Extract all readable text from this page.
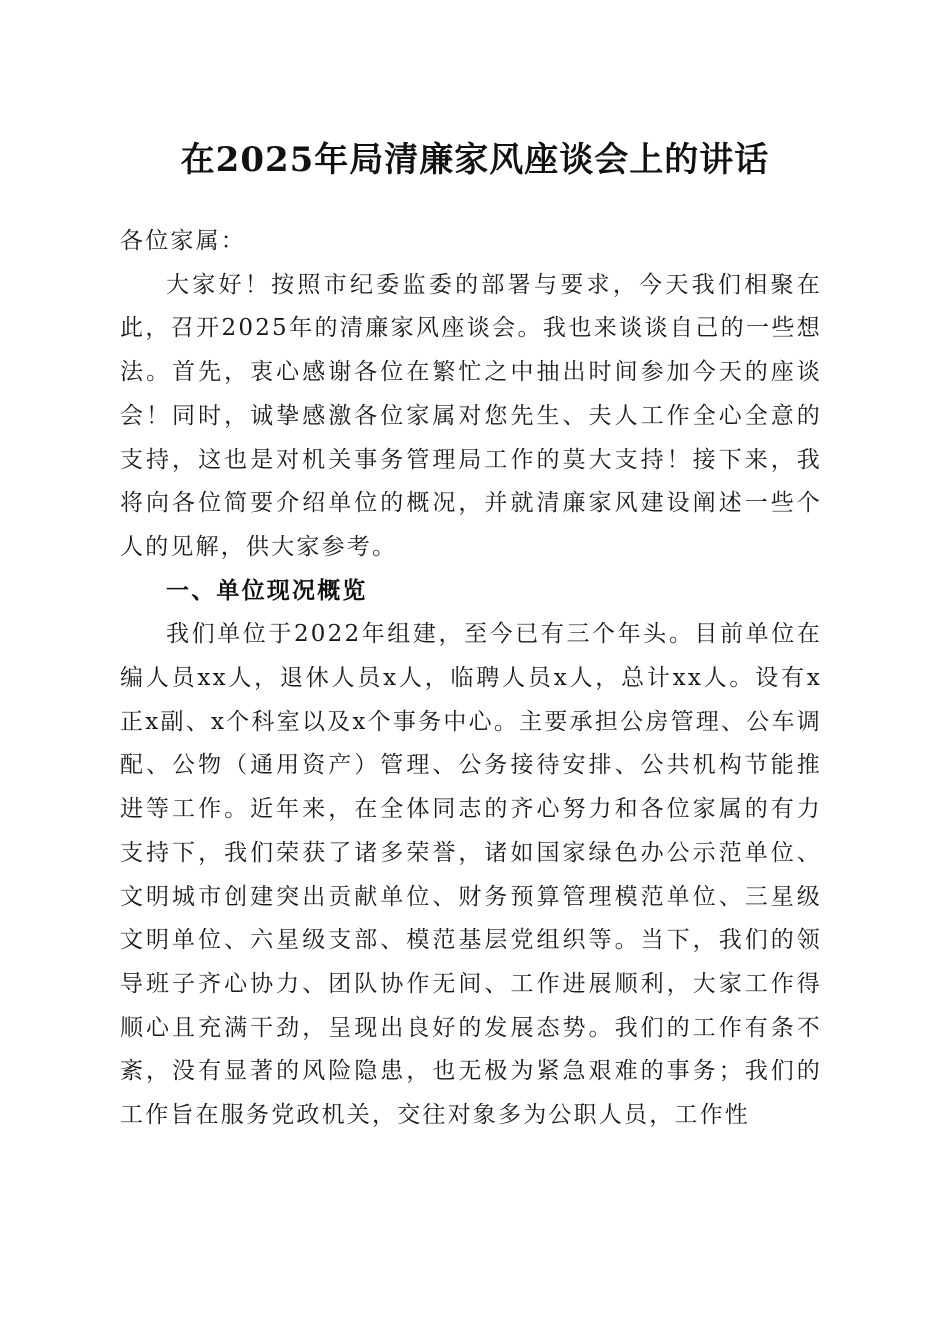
在2025年局清廉家风座谈会上的讲话

各位家属：

大家好！按照市纪委监委的部署与要求，今天我们相聚在此，召开2025年的清廉家风座谈会。我也来谈谈自己的一些想法。首先，衷心感谢各位在繁忙之中抽出时间参加今天的座谈会！同时，诚挚感激各位家属对您先生、夫人工作全心全意的支持，这也是对机关事务管理局工作的莫大支持！接下来，我将向各位简要介绍单位的概况，并就清廉家风建设阐述一些个人的见解，供大家参考。

一、单位现况概览

我们单位于2022年组建，至今已有三个年头。目前单位在编人员xx人，退休人员x人，临聘人员x人，总计xx人。设有x正x副、x个科室以及x个事务中心。主要承担公房管理、公车调配、公物（通用资产）管理、公务接待安排、公共机构节能推进等工作。近年来，在全体同志的齐心努力和各位家属的有力支持下，我们荣获了诸多荣誉，诸如国家绿色办公示范单位、文明城市创建突出贡献单位、财务预算管理模范单位、三星级文明单位、六星级支部、模范基层党组织等。当下，我们的领导班子齐心协力、团队协作无间、工作进展顺利，大家工作得顺心且充满干劲，呈现出良好的发展态势。我们的工作有条不紊，没有显著的风险隐患，也无极为紧急艰难的事务；我们的工作旨在服务党政机关，交往对象多为公职人员，工作性
